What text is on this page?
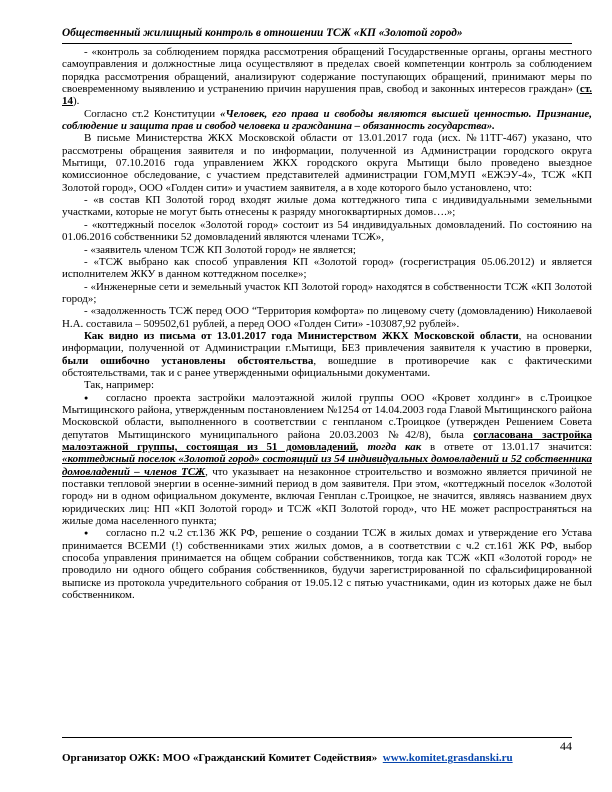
Общественный жилищный контроль в отношении ТСЖ «КП «Золотой город»

- «контроль за соблюдением порядка рассмотрения обращений Государственные органы, органы местного самоуправления и должностные лица осуществляют в пределах своей компетенции контроль за соблюдением порядка рассмотрения обращений, анализируют содержание поступающих обращений, принимают меры по своевременному выявлению и устранению причин нарушения прав, свобод и законных интересов граждан» (ст. 14).

Согласно ст.2 Конституции «Человек, его права и свободы являются высшей ценностью. Признание, соблюдение и защита прав и свобод человека и гражданина – обязанность государства».

В письме Министерства ЖКХ Московской области от 13.01.2017 года (исх. №11ТГ-467) указано, что рассмотрены обращения заявителя и по информации, полученной из Администрации городского округа Мытищи, 07.10.2016 года управлением ЖКХ городского округа Мытищи было проведено выездное комиссионное обследование, с участием представителей администрации ГОМ,МУП «ЕЖЭУ-4», ТСЖ «КП Золотой город», ООО «Голден сити» и участием заявителя, а в ходе которого было установлено, что:

- «в состав КП Золотой город входят жилые дома коттеджного типа с индивидуальными земельными участками, которые не могут быть отнесены к разряду многоквартирных домов….»;

- «коттеджный поселок «Золотой город» состоит из 54 индивидуальных домовладений. По состоянию на 01.06.2016 собственники 52 домовладений являются членами ТСЖ»,

- «заявитель членом ТСЖ КП Золотой город» не является;

- «ТСЖ выбрано как способ управления КП «Золотой город» (госрегистрация 05.06.2012) и является исполнителем ЖКУ в данном коттеджном поселке»;

- «Инженерные сети и земельный участок КП Золотой город» находятся в собственности ТСЖ «КП Золотой город»;

- «задолженность ТСЖ перед ООО “Территория комфорта» по лицевому счету (домовладению) Николаевой Н.А. составила – 509502,61 рублей, а перед ООО «Голден Сити» -103087,92 рублей».

Как видно из письма от 13.01.2017 года Министерством ЖКХ Московской области, на основании информации, полученной от Администрации г.Мытищи, БЕЗ привлечения заявителя к участию в проверки, были ошибочно установлены обстоятельства, вошедшие в противоречие как с фактическими обстоятельствами, так и с ранее утвержденными официальными документами.

Так, например:

● согласно проекта застройки малоэтажной жилой группы ООО «Кровет холдинг» в с.Троицкое Мытищинского района, утвержденным постановлением №1254 от 14.04.2003 года Главой Мытищинского района Московской области, выполненного в соответствии с генпланом с.Троицкое (утвержден Решением Совета депутатов Мытищинского муниципального района 20.03.2003 №42/8), была согласована застройка малоэтажной группы, состоящая из 51 домовладений, тогда как в ответе от 13.01.17 значится: «коттеджный поселок «Золотой город» состоящий из 54 индивидуальных домовладений и 52 собственника домовладений – членов ТСЖ, что указывает на незаконное строительство и возможно является причиной не поставки тепловой энергии в осенне-зимний период в дом заявителя. При этом, «коттеджный поселок «Золотой город» ни в одном официальном документе, включая Генплан с.Троицкое, не значится, являясь названием двух юридических лиц: НП «КП Золотой город» и ТСЖ «КП Золотой город», что НЕ может распространяться на жилые дома населенного пункта;

● согласно п.2 ч.2 ст.136 ЖК РФ, решение о создании ТСЖ в жилых домах и утверждение его Устава принимается ВСЕМИ (!) собственниками этих жилых домов, а в соответствии с ч.2 ст.161 ЖК РФ, выбор способа управления принимается на общем собрании собственников, тогда как ТСЖ «КП «Золотой город» не проводило ни одного общего собрания собственников, будучи зарегистрированной по сфальсифицированной выписке из протокола учредительного собрания от 19.05.12 с пятью участниками, один из которых даже не был собственником.

44
Организатор ОЖК: МОО «Гражданский Комитет Содействия» www.komitet.grasdanski.ru
